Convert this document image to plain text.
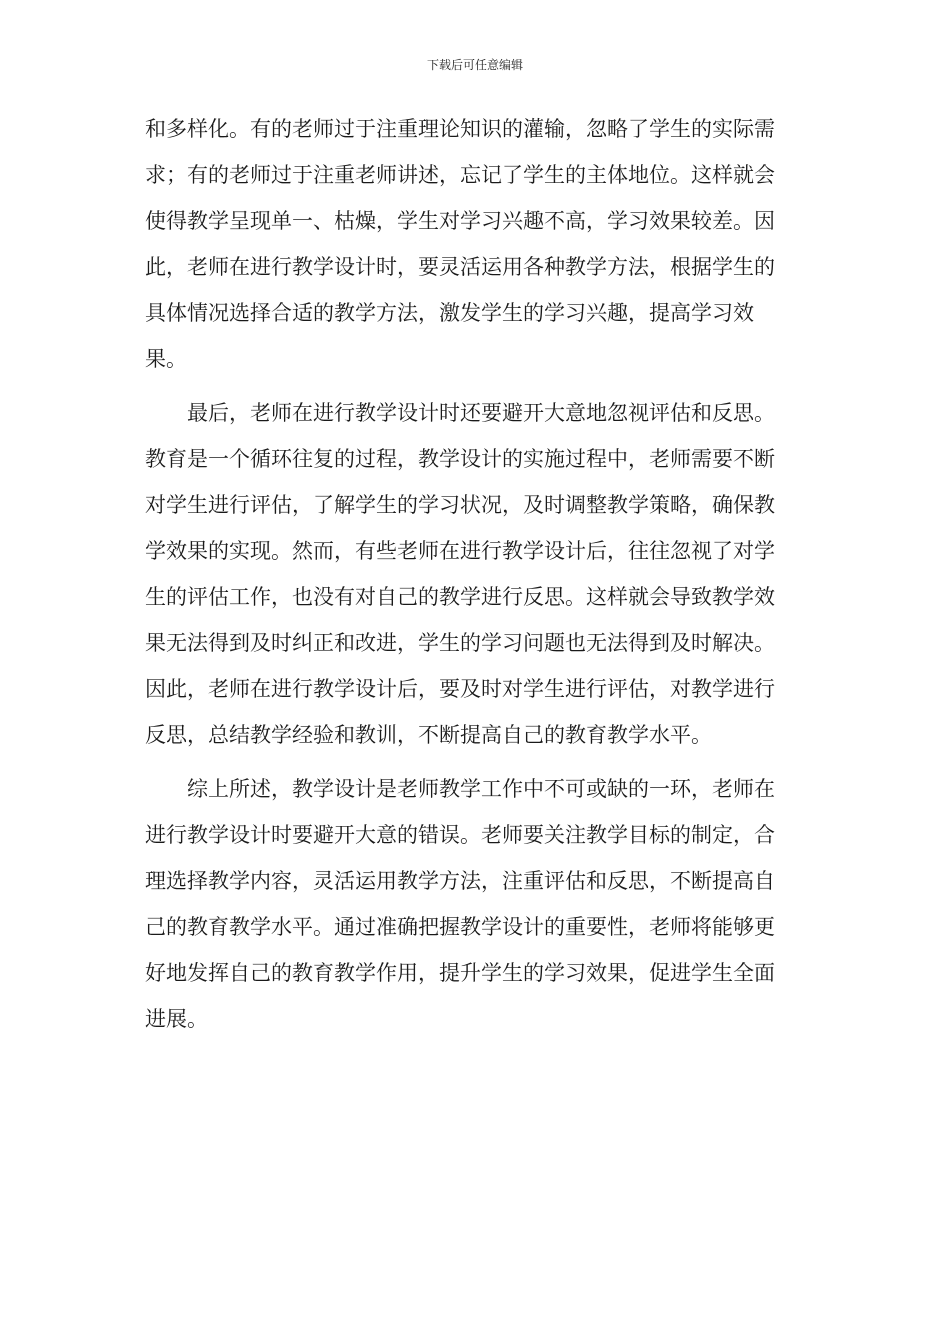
下载后可任意编辑

和多样化。有的老师过于注重理论知识的灌输，忽略了学生的实际需求；有的老师过于注重老师讲述，忘记了学生的主体地位。这样就会使得教学呈现单一、枯燥，学生对学习兴趣不高，学习效果较差。因此，老师在进行教学设计时，要灵活运用各种教学方法，根据学生的具体情况选择合适的教学方法，激发学生的学习兴趣，提高学习效果。

最后，老师在进行教学设计时还要避开大意地忽视评估和反思。教育是一个循环往复的过程，教学设计的实施过程中，老师需要不断对学生进行评估，了解学生的学习状况，及时调整教学策略，确保教学效果的实现。然而，有些老师在进行教学设计后，往往忽视了对学生的评估工作，也没有对自己的教学进行反思。这样就会导致教学效果无法得到及时纠正和改进，学生的学习问题也无法得到及时解决。因此，老师在进行教学设计后，要及时对学生进行评估，对教学进行反思，总结教学经验和教训，不断提高自己的教育教学水平。

综上所述，教学设计是老师教学工作中不可或缺的一环，老师在进行教学设计时要避开大意的错误。老师要关注教学目标的制定，合理选择教学内容，灵活运用教学方法，注重评估和反思，不断提高自己的教育教学水平。通过准确把握教学设计的重要性，老师将能够更好地发挥自己的教育教学作用，提升学生的学习效果，促进学生全面进展。
